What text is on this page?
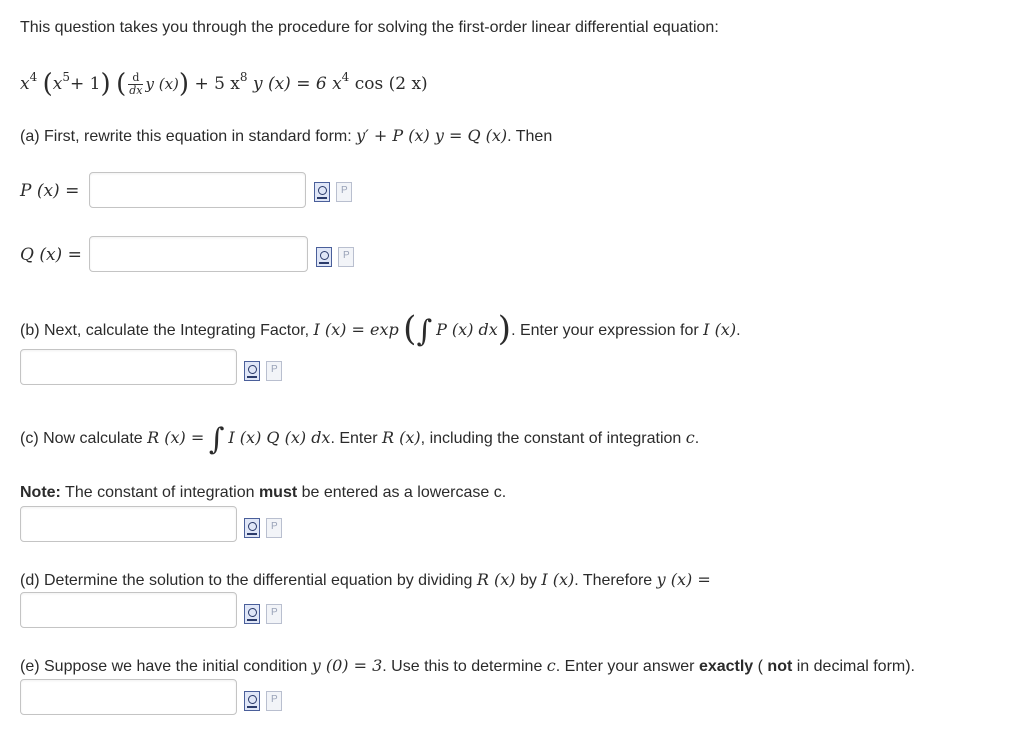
This question takes you through the procedure for solving the first-order linear differential equation:
$x^4$ $(x^5+ 1)$ ( $\frac{d}{dx}$ y (x)) + 5 $x^8$ y (x) = 6 $x^4$ cos (2 x)
(a) First, rewrite this equation in standard form: y′ + P (x) y = Q (x). Then
P (x) =
P
Q (x) =
P
(b) Next, calculate the Integrating Factor, I (x) = exp (∫ P (x) dx). Enter your expression for I (x).
P
(c) Now calculate R (x) = ∫ I (x) Q (x) dx. Enter R (x), including the constant of integration c.
Note: The constant of integration must be entered as a lowercase c.
P
(d) Determine the solution to the differential equation by dividing R (x) by I (x). Therefore y (x) =
P
(e) Suppose we have the initial condition y (0) = 3. Use this to determine c. Enter your answer exactly ( not in decimal form).
P
